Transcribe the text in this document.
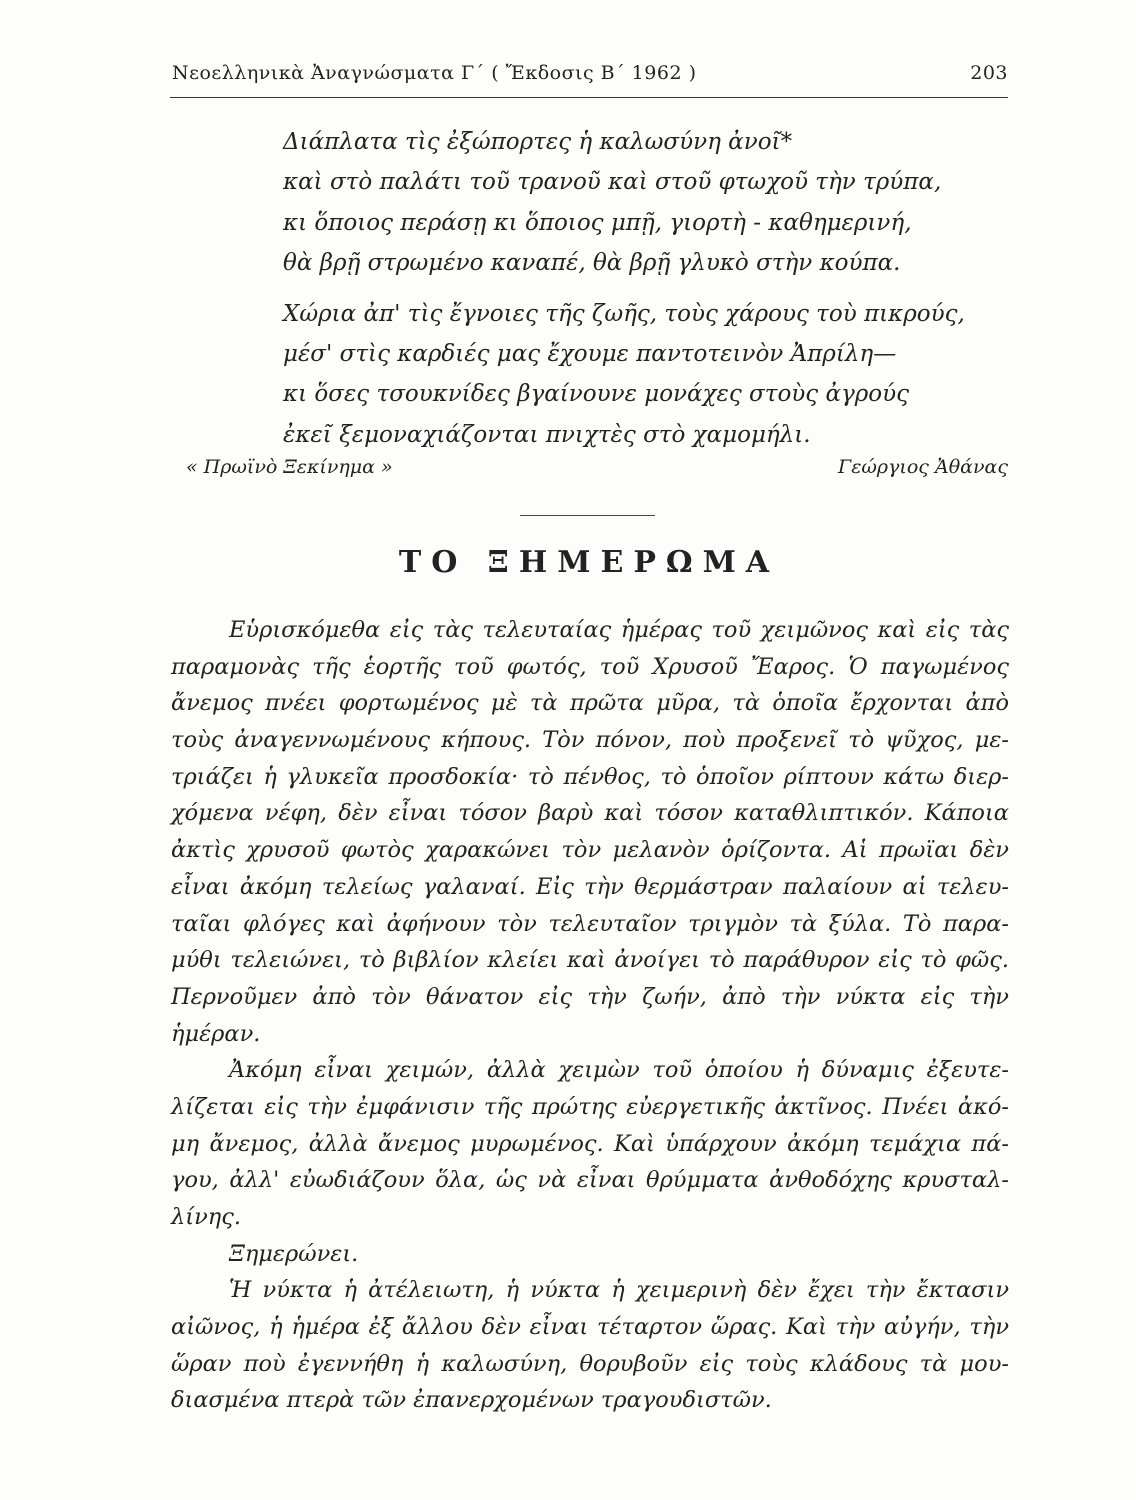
Νεοελληνικὰ Ἀναγνώσματα Γ΄ ( Ἔκδοσις Β΄ 1962 )	203
Διάπλατα τὶς ἐξώπορτες ἡ καλωσύνη ἀνοῖ*
καὶ στὸ παλάτι τοῦ τρανοῦ καὶ στοῦ φτωχοῦ τὴν τρύπα,
κι ὅποιος περάσῃ κι ὅποιος μπῇ, γιορτὴ - καθημερινή,
θὰ βρῇ στρωμένο καναπέ, θὰ βρῇ γλυκὸ στὴν κούπα.
Χώρια ἀπ' τὶς ἔγνοιες τῆς ζωῆς, τοὺς χάρους τοὺ πικρούς,
μέσ' στὶς καρδιές μας ἔχουμε παντοτεινὸν Ἀπρίλη—
κι ὅσες τσουκνίδες βγαίνουνε μονάχες στοὺς ἀγρούς
ἐκεῖ ξεμοναχιάζονται πνιχτὲς στὸ χαμομήλι.
« Πρωϊνὸ Ξεκίνημα »	Γεώργιος Ἀθάνας
ΤΟ ΞΗΜΕΡΩΜΑ
Εὑρισκόμεθα εἰς τὰς τελευταίας ἡμέρας τοῦ χειμῶνος καὶ εἰς τὰς
παραμονὰς τῆς ἑορτῆς τοῦ φωτός, τοῦ Χρυσοῦ Ἔαρος. Ὁ παγωμένος
ἄνεμος πνέει φορτωμένος μὲ τὰ πρῶτα μῦρα, τὰ ὁποῖα ἔρχονται ἀπὸ
τοὺς ἀναγεννωμένους κήπους. Τὸν πόνον, ποὺ προξενεῖ τὸ ψῦχος, με-
τριάζει ἡ γλυκεῖα προσδοκία· τὸ πένθος, τὸ ὁποῖον ρίπτουν κάτω διερ-
χόμενα νέφη, δὲν εἶναι τόσον βαρὺ καὶ τόσον καταθλιπτικόν. Κάποια
ἀκτὶς χρυσοῦ φωτὸς χαρακώνει τὸν μελανὸν ὁρίζοντα. Αἱ πρωϊαι δὲν
εἶναι ἀκόμη τελείως γαλαναί. Εἰς τὴν θερμάστραν παλαίουν αἱ τελευ-
ταῖαι φλόγες καὶ ἀφήνουν τὸν τελευταῖον τριγμὸν τὰ ξύλα. Τὸ παρα-
μύθι τελειώνει, τὸ βιβλίον κλείει καὶ ἀνοίγει τὸ παράθυρον εἰς τὸ φῶς.
Περνοῦμεν ἀπὸ τὸν θάνατον εἰς τὴν ζωήν, ἀπὸ τὴν νύκτα εἰς τὴν
ἡμέραν.
Ἀκόμη εἶναι χειμών, ἀλλὰ χειμὼν τοῦ ὁποίου ἡ δύναμις ἐξευτε-
λίζεται εἰς τὴν ἐμφάνισιν τῆς πρώτης εὐεργετικῆς ἀκτῖνος. Πνέει ἀκό-
μη ἄνεμος, ἀλλὰ ἄνεμος μυρωμένος. Καὶ ὑπάρχουν ἀκόμη τεμάχια πά-
γου, ἀλλ' εὐωδιάζουν ὅλα, ὡς νὰ εἶναι θρύμματα ἀνθοδόχης κρυσταλ-
λίνης.
Ξημερώνει.
Ἡ νύκτα ἡ ἀτέλειωτη, ἡ νύκτα ἡ χειμερινὴ δὲν ἔχει τὴν ἔκτασιν
αἰῶνος, ἡ ἡμέρα ἐξ ἄλλου δὲν εἶναι τέταρτον ὥρας. Καὶ τὴν αὐγήν, τὴν
ὥραν ποὺ ἐγεννήθη ἡ καλωσύνη, θορυβοῦν εἰς τοὺς κλάδους τὰ μου-
διασμένα πτερὰ τῶν ἐπανερχομένων τραγουδιστῶν.
